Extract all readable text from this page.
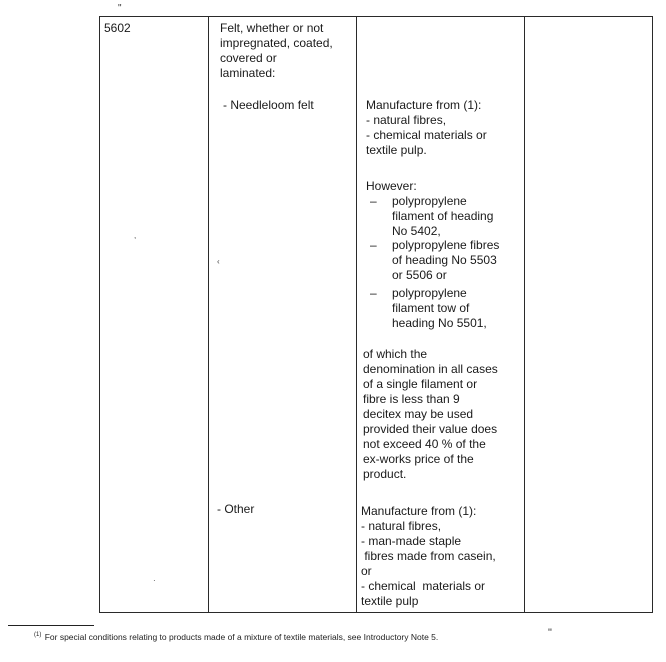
"
,
‹
·
5602	Felt, whether or not
impregnated, coated,
covered or
laminated:
- Needleloom felt
- Other
Manufacture from (1):
- natural fibres,
- chemical materials or
textile pulp.
However:
– polypropylene
filament of heading
No 5402,
– polypropylene fibres
of heading No 5503
or 5506 or
– polypropylene
filament tow of
heading No 5501,
of which the
denomination in all cases
of a single filament or
fibre is less than 9
decitex may be used
provided their value does
not exceed 40 % of the
ex-works price of the
product.
Manufacture from (1):
- natural fibres,
- man-made staple
fibres made from casein,
or
- chemical  materials or
textile pulp
$^{(1)}$ For special conditions relating to products made of a mixture of textile materials, see Introductory Note 5.	"
